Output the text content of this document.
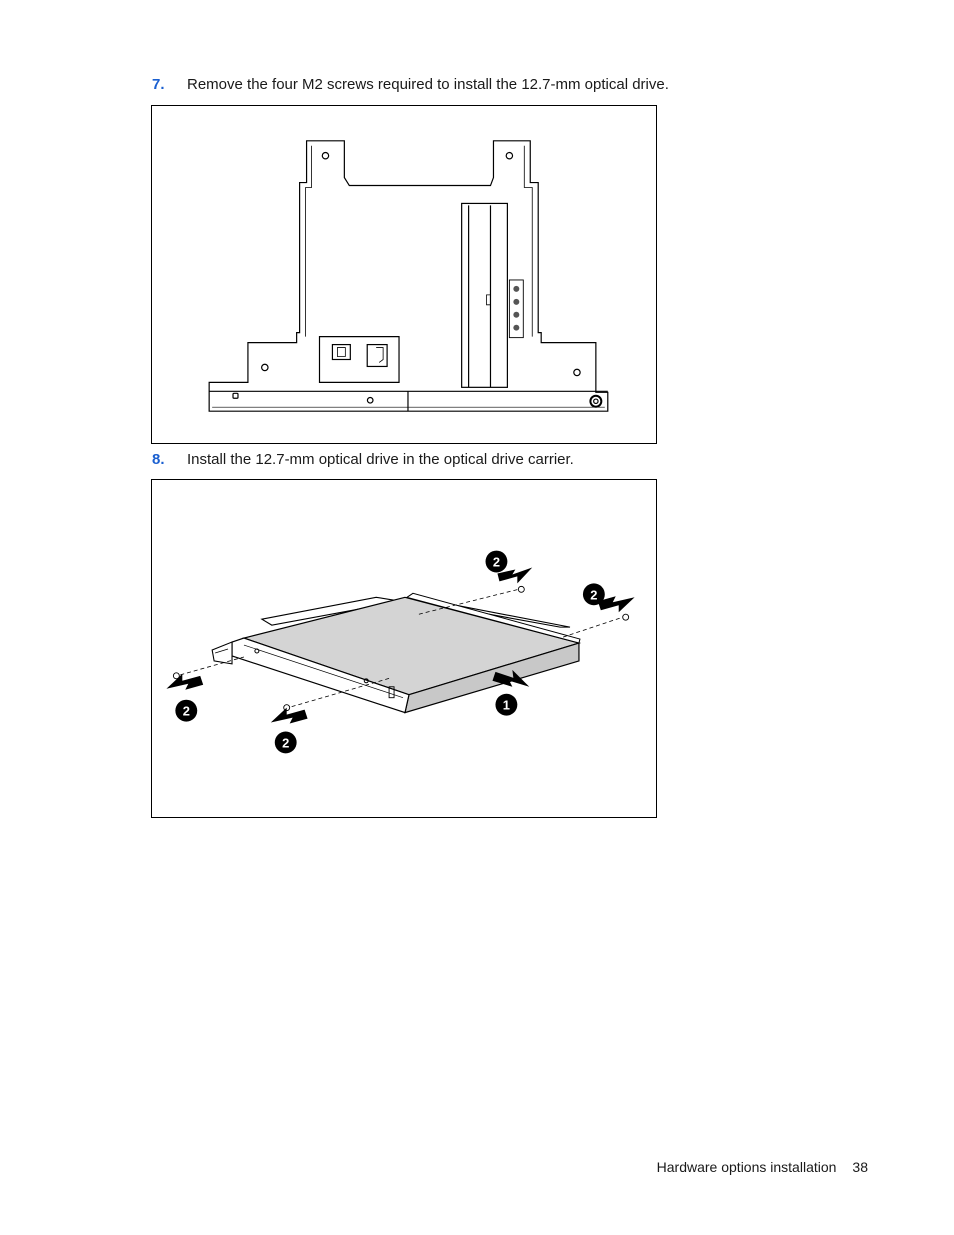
7. Remove the four M2 screws required to install the 12.7-mm optical drive.
8. Install the 12.7-mm optical drive in the optical drive carrier.
2
2
2
2
1
Hardware options installation 38
